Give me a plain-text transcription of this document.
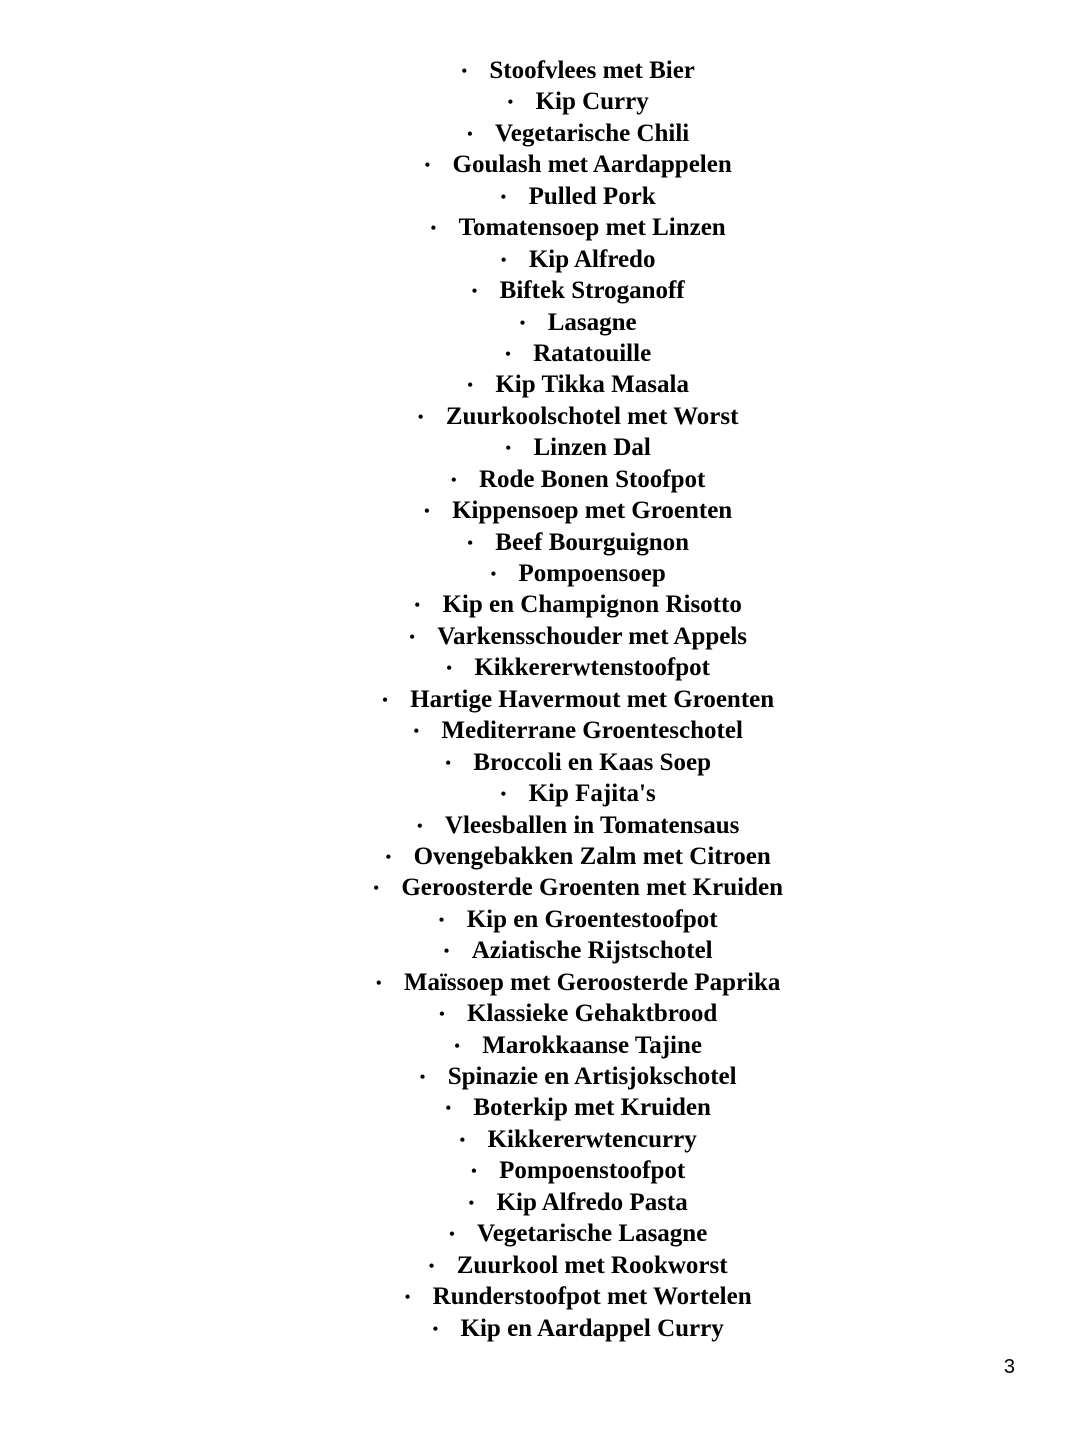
• Stoofvlees met Bier
• Kip Curry
• Vegetarische Chili
• Goulash met Aardappelen
• Pulled Pork
• Tomatensoep met Linzen
• Kip Alfredo
• Biftek Stroganoff
• Lasagne
• Ratatouille
• Kip Tikka Masala
• Zuurkoolschotel met Worst
• Linzen Dal
• Rode Bonen Stoofpot
• Kippensoep met Groenten
• Beef Bourguignon
• Pompoensoep
• Kip en Champignon Risotto
• Varkensschouder met Appels
• Kikkererwtenstoofpot
• Hartige Havermout met Groenten
• Mediterrane Groenteschotel
• Broccoli en Kaas Soep
• Kip Fajita's
• Vleesballen in Tomatensaus
• Ovengebakken Zalm met Citroen
• Geroosterde Groenten met Kruiden
• Kip en Groentestoofpot
• Aziatische Rijstschotel
• Maïssoep met Geroosterde Paprika
• Klassieke Gehaktbrood
• Marokkaanse Tajine
• Spinazie en Artisjokschotel
• Boterkip met Kruiden
• Kikkererwtencurry
• Pompoenstoofpot
• Kip Alfredo Pasta
• Vegetarische Lasagne
• Zuurkool met Rookworst
• Runderstoofpot met Wortelen
• Kip en Aardappel Curry
3
